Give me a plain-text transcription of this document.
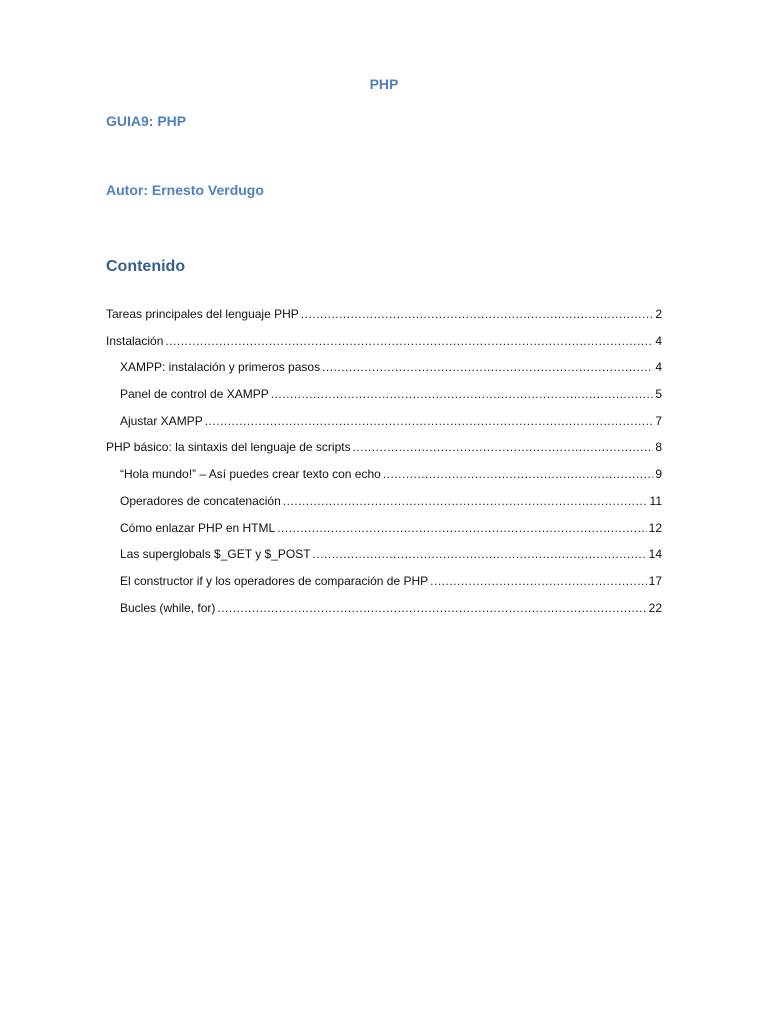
PHP
GUIA9: PHP
Autor: Ernesto Verdugo
Contenido
Tareas principales del lenguaje PHP .....	2
Instalación .....	4
XAMPP: instalación y primeros pasos .....	4
Panel de control de XAMPP .....	5
Ajustar XAMPP .....	7
PHP básico: la sintaxis del lenguaje de scripts .....	8
“Hola mundo!” – Así puedes crear texto con echo .....	9
Operadores de concatenación .....	11
Cómo enlazar PHP en HTML .....	12
Las superglobals $_GET y $_POST .....	14
El constructor if y los operadores de comparación de PHP .....	17
Bucles (while, for) .....	22
